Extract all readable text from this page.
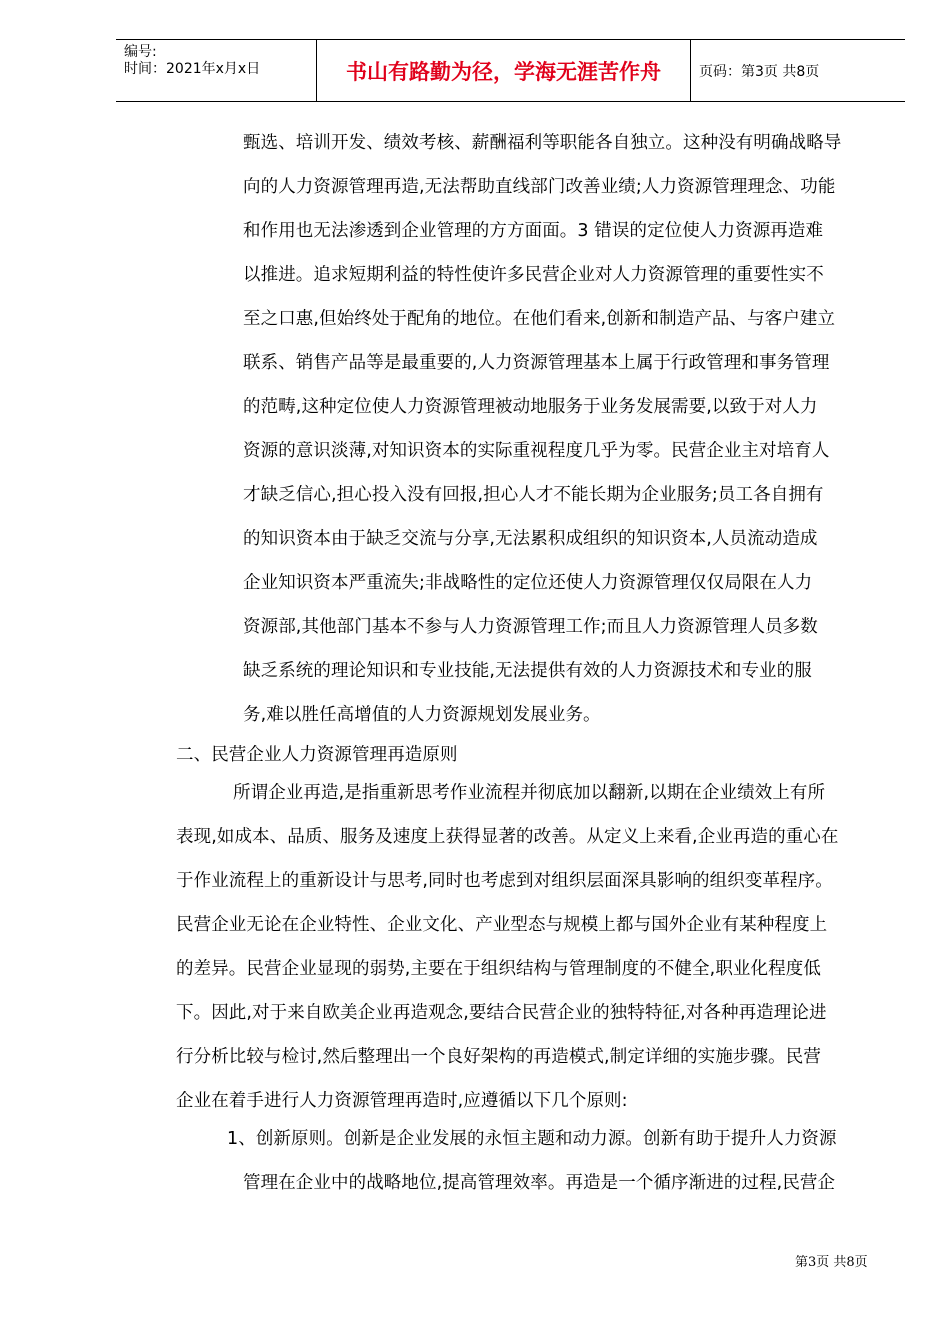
编号:
时间：2021年x月x日	书山有路勤为径，学海无涯苦作舟	页码：第3页 共8页
甄选、培训开发、绩效考核、薪酬福利等职能各自独立。这种没有明确战略导
向的人力资源管理再造,无法帮助直线部门改善业绩;人力资源管理理念、功能
和作用也无法渗透到企业管理的方方面面。3 错误的定位使人力资源再造难
以推进。追求短期利益的特性使许多民营企业对人力资源管理的重要性实不
至之口惠,但始终处于配角的地位。在他们看来,创新和制造产品、与客户建立
联系、销售产品等是最重要的,人力资源管理基本上属于行政管理和事务管理
的范畴,这种定位使人力资源管理被动地服务于业务发展需要,以致于对人力
资源的意识淡薄,对知识资本的实际重视程度几乎为零。民营企业主对培育人
才缺乏信心,担心投入没有回报,担心人才不能长期为企业服务;员工各自拥有
的知识资本由于缺乏交流与分享,无法累积成组织的知识资本,人员流动造成
企业知识资本严重流失;非战略性的定位还使人力资源管理仅仅局限在人力
资源部,其他部门基本不参与人力资源管理工作;而且人力资源管理人员多数
缺乏系统的理论知识和专业技能,无法提供有效的人力资源技术和专业的服
务,难以胜任高增值的人力资源规划发展业务。
二、民营企业人力资源管理再造原则
所谓企业再造,是指重新思考作业流程并彻底加以翻新,以期在企业绩效上有所
表现,如成本、品质、服务及速度上获得显著的改善。从定义上来看,企业再造的重心在
于作业流程上的重新设计与思考,同时也考虑到对组织层面深具影响的组织变革程序。
民营企业无论在企业特性、企业文化、产业型态与规模上都与国外企业有某种程度上
的差异。民营企业显现的弱势,主要在于组织结构与管理制度的不健全,职业化程度低
下。因此,对于来自欧美企业再造观念,要结合民营企业的独特特征,对各种再造理论进
行分析比较与检讨,然后整理出一个良好架构的再造模式,制定详细的实施步骤。民营
企业在着手进行人力资源管理再造时,应遵循以下几个原则:
1、创新原则。创新是企业发展的永恒主题和动力源。创新有助于提升人力资源
管理在企业中的战略地位,提高管理效率。再造是一个循序渐进的过程,民营企
第3页 共8页
